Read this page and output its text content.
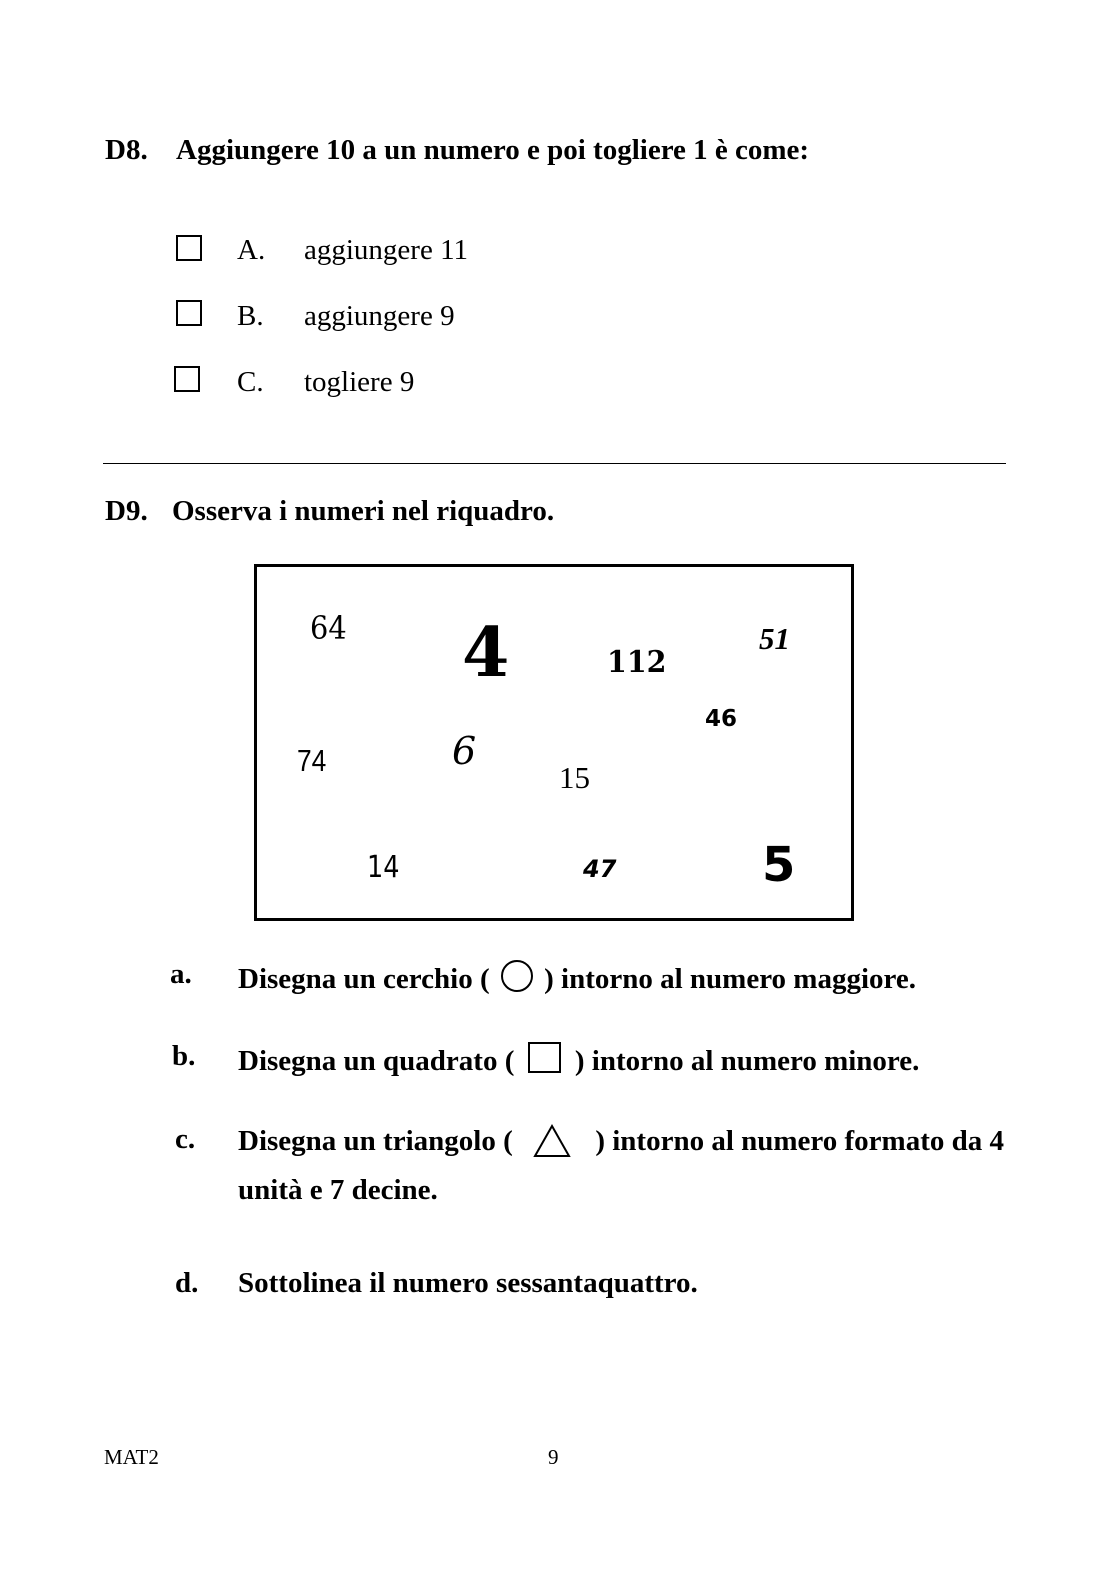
D8. Aggiungere 10 a un numero e poi togliere 1 è come:
A. aggiungere 11
B. aggiungere 9
C. togliere 9
D9. Osserva i numeri nel riquadro.
64 4	112
51
46
74	6
15
14	47	5
a. Disegna un cerchio ( ) intorno al numero maggiore.
b. Disegna un quadrato ( ) intorno al numero minore.
c. Disegna un triangolo (	) intorno al numero formato da 4
unità e 7 decine.
d. Sottolinea il numero sessantaquattro.
MAT2	9
